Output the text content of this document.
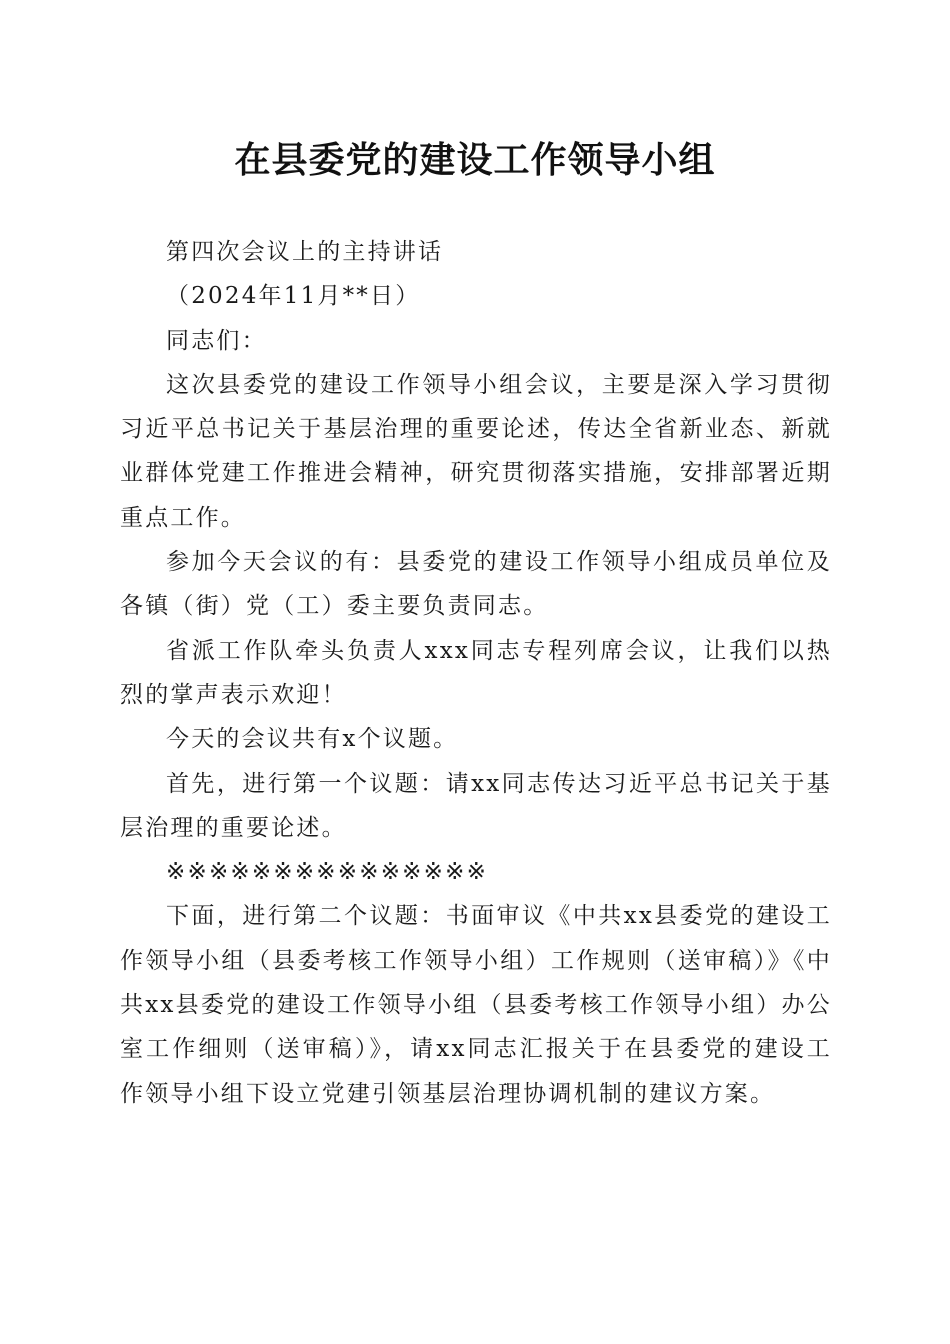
在县委党的建设工作领导小组

第四次会议上的主持讲话

（2024年11月**日）

同志们：

这次县委党的建设工作领导小组会议，主要是深入学习贯彻习近平总书记关于基层治理的重要论述，传达全省新业态、新就业群体党建工作推进会精神，研究贯彻落实措施，安排部署近期重点工作。

参加今天会议的有：县委党的建设工作领导小组成员单位及各镇（街）党（工）委主要负责同志。

省派工作队牵头负责人xxx同志专程列席会议，让我们以热烈的掌声表示欢迎！

今天的会议共有x个议题。

首先，进行第一个议题：请xx同志传达习近平总书记关于基层治理的重要论述。

※※※※※※※※※※※※※※※

下面，进行第二个议题：书面审议《中共xx县委党的建设工作领导小组（县委考核工作领导小组）工作规则（送审稿）》《中共xx县委党的建设工作领导小组（县委考核工作领导小组）办公室工作细则（送审稿）》，请xx同志汇报关于在县委党的建设工作领导小组下设立党建引领基层治理协调机制的建议方案。
